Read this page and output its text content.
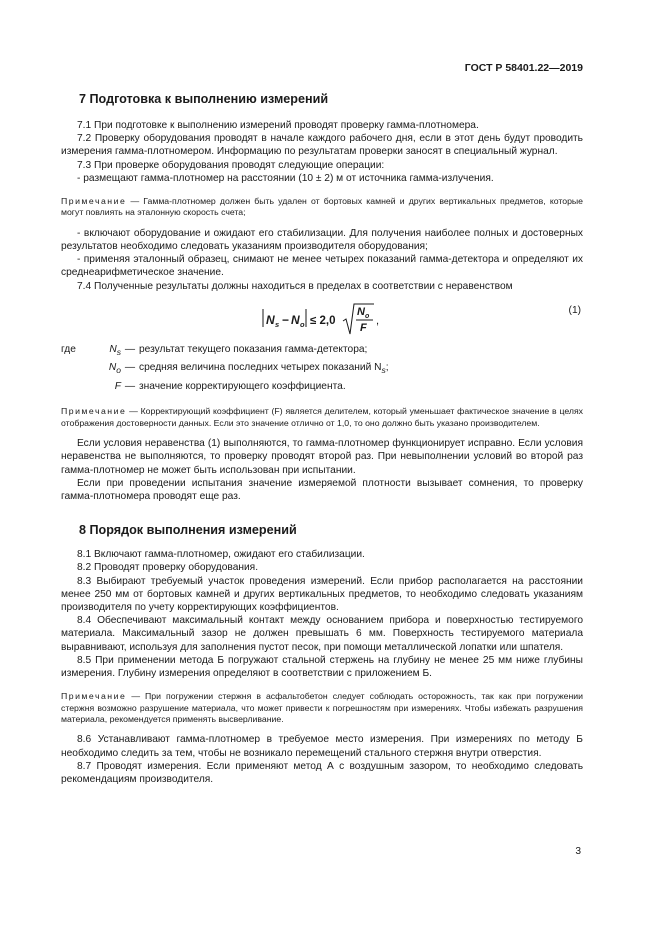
ГОСТ Р 58401.22—2019
7 Подготовка к выполнению измерений

7.1 При подготовке к выполнению измерений проводят проверку гамма-плотномера.

7.2 Проверку оборудования проводят в начале каждого рабочего дня, если в этот день будут проводить измерения гамма-плотномером. Информацию по результатам проверки заносят в специальный журнал.

7.3 При проверке оборудования проводят следующие операции:

- размещают гамма-плотномер на расстоянии (10 ± 2) м от источника гамма-излучения.

Примечание — Гамма-плотномер должен быть удален от бортовых камней и других вертикальных предметов, которые могут повлиять на эталонную скорость счета;

- включают оборудование и ожидают его стабилизации. Для получения наиболее полных и достоверных результатов необходимо следовать указаниям производителя оборудования;

- применяя эталонный образец, снимают не менее четырех показаний гамма-детектора и определяют их среднеарифметическое значение.

7.4 Полученные результаты должны находиться в пределах в соответствии с неравенством

N s − N o ≤ 2,0
N o
F
,
(1)
где	$N_s$ — результат текущего показания гамма-детектора;
$N_o$ — средняя величина последних четырех показаний $N_s$;
F — значение корректирующего коэффициента.

Примечание — Корректирующий коэффициент (F) является делителем, который уменьшает фактическое значение в целях отображения достоверности данных. Если это значение отлично от 1,0, то оно должно быть указано производителем.

Если условия неравенства (1) выполняются, то гамма-плотномер функционирует исправно. Если условия неравенства не выполняются, то проверку проводят второй раз. При невыполнении условий во второй раз гамма-плотномер не может быть использован при испытании.

Если при проведении испытания значение измеряемой плотности вызывает сомнения, то проверку гамма-плотномера проводят еще раз.

8 Порядок выполнения измерений

8.1 Включают гамма-плотномер, ожидают его стабилизации.

8.2 Проводят проверку оборудования.

8.3 Выбирают требуемый участок проведения измерений. Если прибор располагается на расстоянии менее 250 мм от бортовых камней и других вертикальных предметов, то необходимо следовать указаниям производителя по учету корректирующих коэффициентов.

8.4 Обеспечивают максимальный контакт между основанием прибора и поверхностью тестируемого материала. Максимальный зазор не должен превышать 6 мм. Поверхность тестируемого материала выравнивают, используя для заполнения пустот песок, при помощи металлической лопатки или шпателя.

8.5 При применении метода Б погружают стальной стержень на глубину не менее 25 мм ниже глубины измерения. Глубину измерения определяют в соответствии с приложением Б.

Примечание — При погружении стержня в асфальтобетон следует соблюдать осторожность, так как при погружении стержня возможно разрушение материала, что может привести к погрешностям при измерениях. Чтобы избежать разрушения материала, рекомендуется применять высверливание.

8.6 Устанавливают гамма-плотномер в требуемое место измерения. При измерениях по методу Б необходимо следить за тем, чтобы не возникало перемещений стального стержня внутри отверстия.

8.7 Проводят измерения. Если применяют метод А с воздушным зазором, то необходимо следовать рекомендациям производителя.

3
